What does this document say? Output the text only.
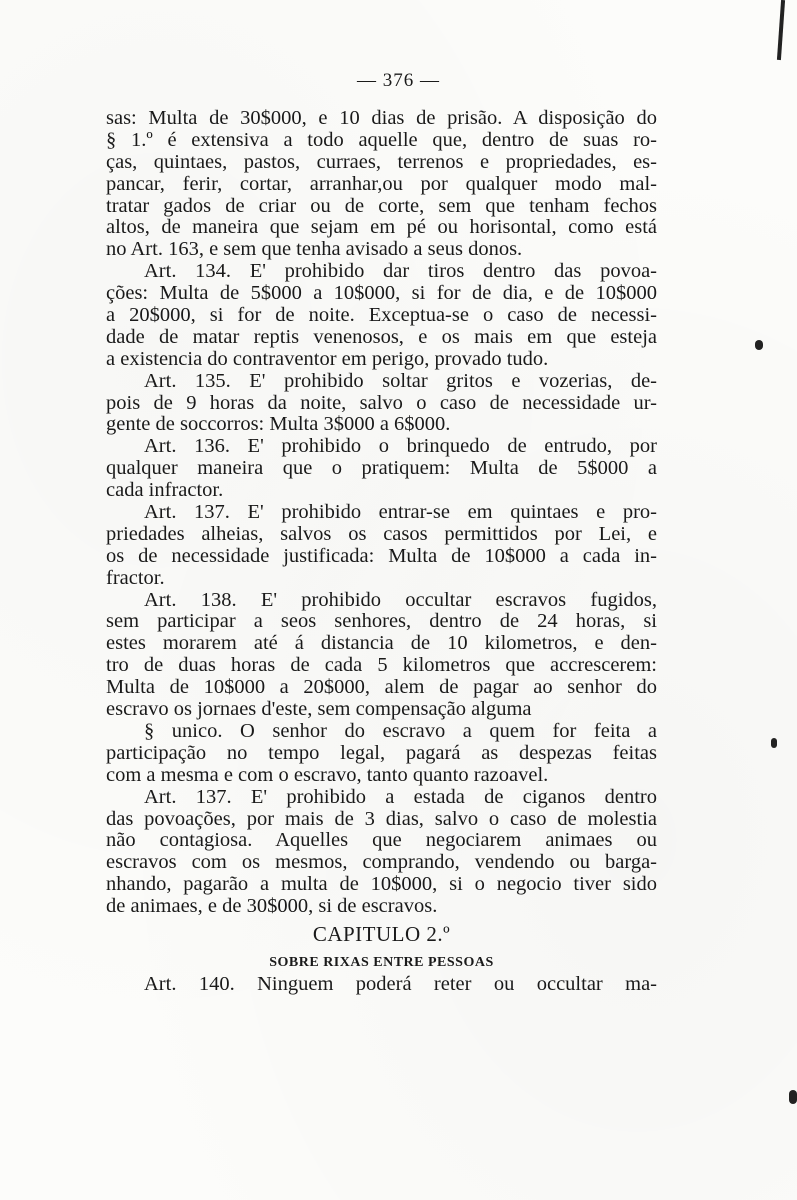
— 376 —
sas: Multa de 30$000, e 10 dias de prisão. A disposição do
§ 1.º é extensiva a todo aquelle que, dentro de suas ro-
ças, quintaes, pastos, curraes, terrenos e propriedades, es-
pancar, ferir, cortar, arranhar,ou por qualquer modo mal-
tratar gados de criar ou de corte, sem que tenham fechos
altos, de maneira que sejam em pé ou horisontal, como está
no Art. 163, e sem que tenha avisado a seus donos.
Art. 134. E' prohibido dar tiros dentro das povoa-
ções: Multa de 5$000 a 10$000, si for de dia, e de 10$000
a 20$000, si for de noite. Exceptua-se o caso de necessi-
dade de matar reptis venenosos, e os mais em que esteja
a existencia do contraventor em perigo, provado tudo.
Art. 135. E' prohibido soltar gritos e vozerias, de-
pois de 9 horas da noite, salvo o caso de necessidade ur-
gente de soccorros: Multa 3$000 a 6$000.
Art. 136. E' prohibido o brinquedo de entrudo, por
qualquer maneira que o pratiquem: Multa de 5$000 a
cada infractor.
Art. 137. E' prohibido entrar-se em quintaes e pro-
priedades alheias, salvos os casos permittidos por Lei, e
os de necessidade justificada: Multa de 10$000 a cada in-
fractor.
Art. 138. E' prohibido occultar escravos fugidos,
sem participar a seos senhores, dentro de 24 horas, si
estes morarem até á distancia de 10 kilometros, e den-
tro de duas horas de cada 5 kilometros que accrescerem:
Multa de 10$000 a 20$000, alem de pagar ao senhor do
escravo os jornaes d'este, sem compensação alguma
§ unico. O senhor do escravo a quem for feita a
participação no tempo legal, pagará as despezas feitas
com a mesma e com o escravo, tanto quanto razoavel.
Art. 137. E' prohibido a estada de ciganos dentro
das povoações, por mais de 3 dias, salvo o caso de molestia
não contagiosa. Aquelles que negociarem animaes ou
escravos com os mesmos, comprando, vendendo ou barga-
nhando, pagarão a multa de 10$000, si o negocio tiver sido
de animaes, e de 30$000, si de escravos.
CAPITULO 2.º
SOBRE RIXAS ENTRE PESSOAS
Art. 140. Ninguem poderá reter ou occultar ma-
